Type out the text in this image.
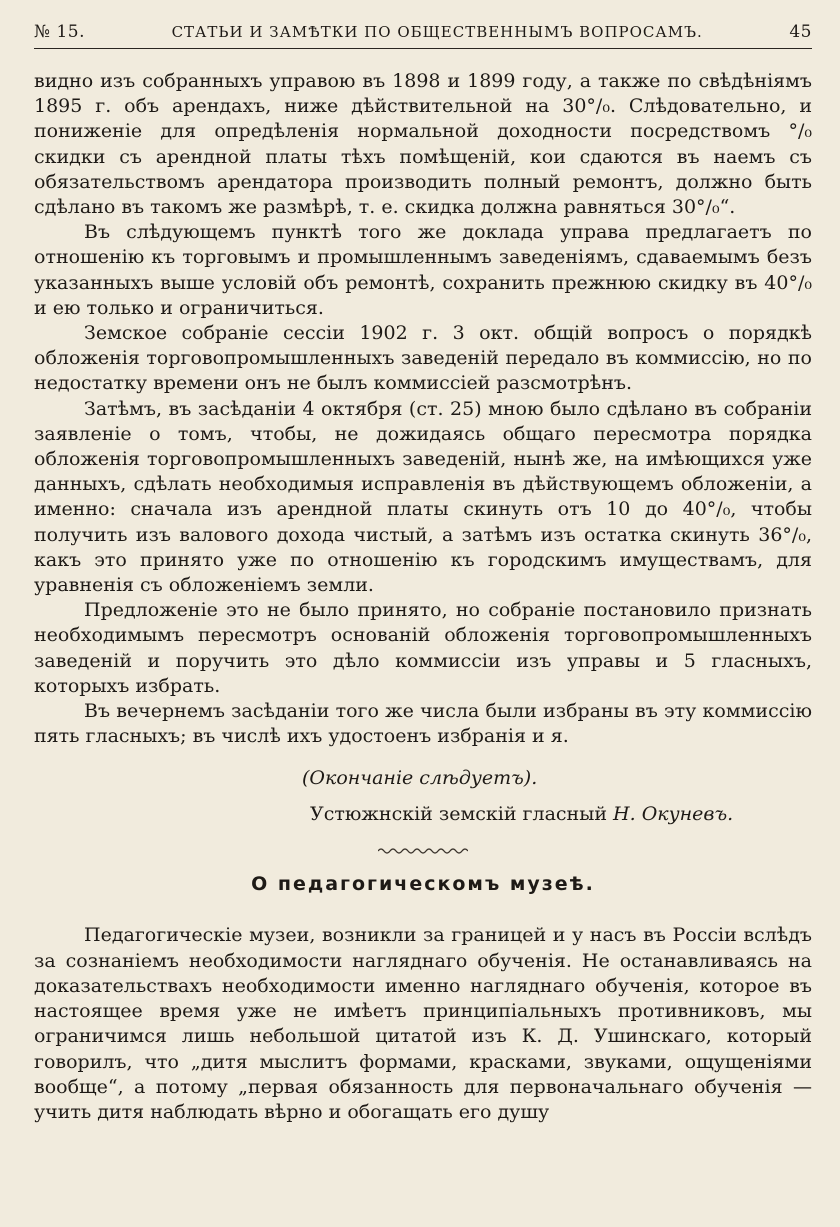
№ 15.	СТАТЬИ И ЗАМѢТКИ ПО ОБЩЕСТВЕННЫМЪ ВОПРОСАМЪ.	45

видно изъ собранныхъ управою въ 1898 и 1899 году, а также по свѣдѣніямъ 1895 г. объ арендахъ, ниже дѣйствительной на 30°/₀. Слѣдовательно, и пониженіе для опредѣленія нормальной доходности посредствомъ °/₀ скидки съ арендной платы тѣхъ помѣщеній, кои сдаются въ наемъ съ обязательствомъ арендатора производить полный ремонтъ, должно быть сдѣлано въ такомъ же размѣрѣ, т. е. скидка должна равняться 30°/₀“.

Въ слѣдующемъ пунктѣ того же доклада управа предлагаетъ по отношенію къ торговымъ и промышленнымъ заведеніямъ, сдаваемымъ безъ указанныхъ выше условій объ ремонтѣ, сохранить прежнюю скидку въ 40°/₀ и ею только и ограничиться.

Земское собраніе сессіи 1902 г. 3 окт. общій вопросъ о порядкѣ обложенія торговопромышленныхъ заведеній передало въ коммиссію, но по недостатку времени онъ не былъ коммиссіей разсмотрѣнъ.

Затѣмъ, въ засѣданіи 4 октября (ст. 25) мною было сдѣлано въ собраніи заявленіе о томъ, чтобы, не дожидаясь общаго пересмотра порядка обложенія торговопромышленныхъ заведеній, нынѣ же, на имѣющихся уже данныхъ, сдѣлать необходимыя исправленія въ дѣйствующемъ обложеніи, а именно: сначала изъ арендной платы скинуть отъ 10 до 40°/₀, чтобы получить изъ валового дохода чистый, а затѣмъ изъ остатка скинуть 36°/₀, какъ это принято уже по отношенію къ городскимъ имуществамъ, для уравненія съ обложеніемъ земли.

Предложеніе это не было принято, но собраніе постановило признать необходимымъ пересмотръ основаній обложенія торговопромышленныхъ заведеній и поручить это дѣло коммиссіи изъ управы и 5 гласныхъ, которыхъ избрать.

Въ вечернемъ засѣданіи того же числа были избраны въ эту коммиссію пять гласныхъ; въ числѣ ихъ удостоенъ избранія и я.

(Окончаніе слѣдуетъ).
Устюжнскій земскій гласный Н. Окуневъ.
О педагогическомъ музеѣ.

Педагогическіе музеи, возникли за границей и у насъ въ Россіи вслѣдъ за сознаніемъ необходимости нагляднаго обученія. Не останавливаясь на доказательствахъ необходимости именно нагляднаго обученія, которое въ настоящее время уже не имѣетъ принципіальныхъ противниковъ, мы ограничимся лишь небольшой цитатой изъ К. Д. Ушинскаго, который говорилъ, что „дитя мыслитъ формами, красками, звуками, ощущеніями вообще“, а потому „первая обязанность для первоначальнаго обученія — учить дитя наблюдать вѣрно и обогащать его душу
